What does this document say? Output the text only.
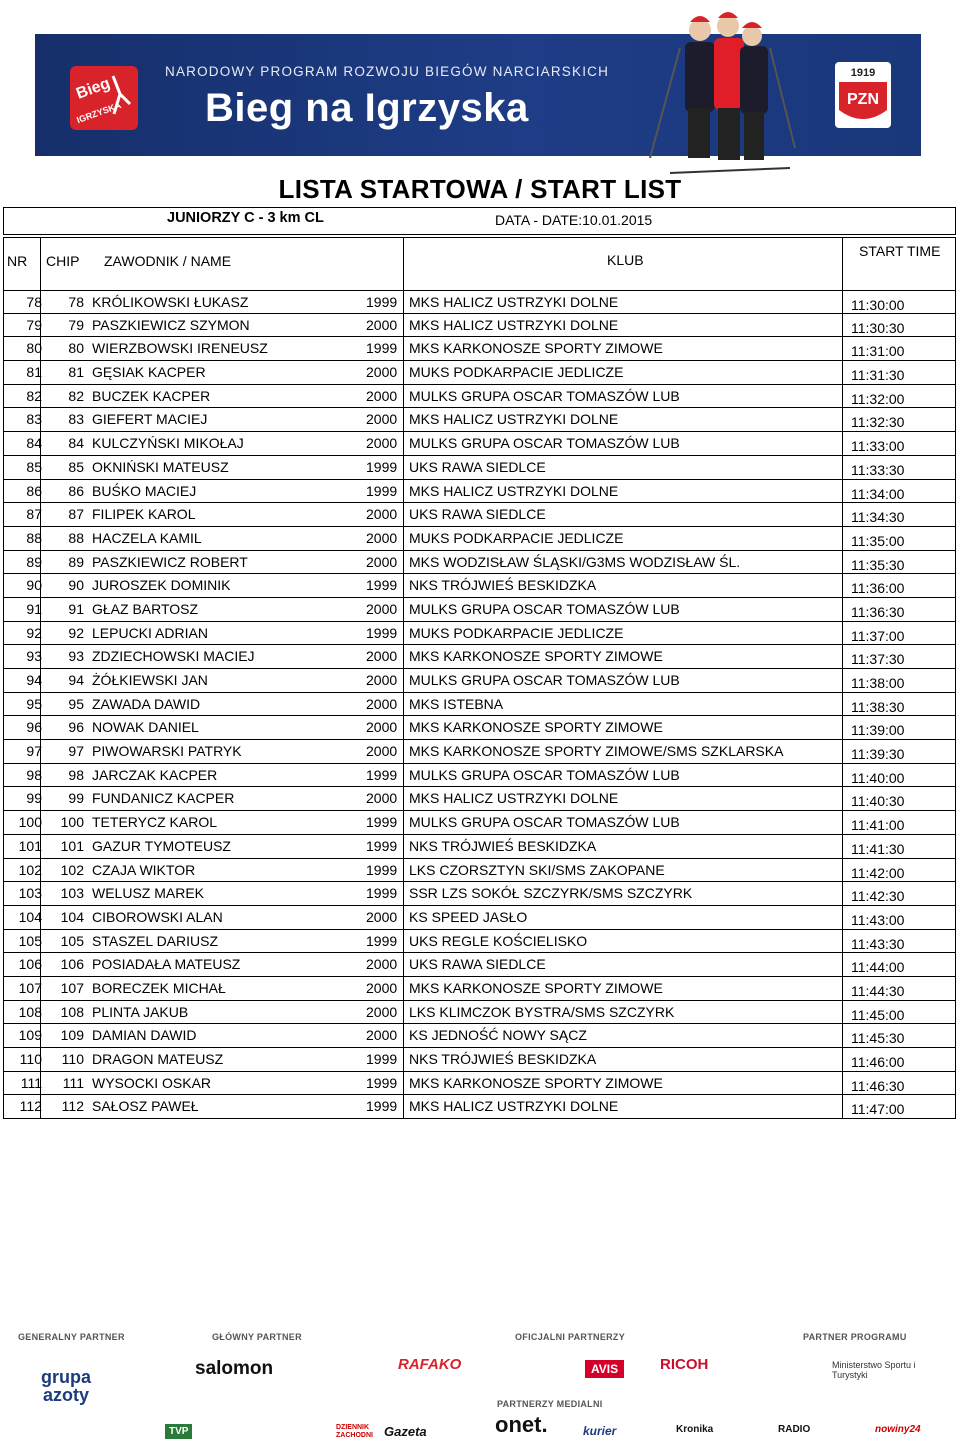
NARODOWY PROGRAM ROZWOJU BIEGÓW NARCIARSKICH
Bieg na Igrzyska
Bieg
IGRZYSKA
1919
PZN
LISTA STARTOWA / START LIST
JUNIORZY C - 3 km CL	DATA - DATE:10.01.2015
NR CHIP ZAWODNIK / NAME	KLUB
START TIME
78 78 KRÓLIKOWSKI ŁUKASZ	1999 MKS HALICZ USTRZYKI DOLNE	11:30:00
79 79 PASZKIEWICZ SZYMON	2000 MKS HALICZ USTRZYKI DOLNE	11:30:30
80 80 WIERZBOWSKI IRENEUSZ	1999 MKS KARKONOSZE SPORTY ZIMOWE	11:31:00
81 81 GĘSIAK KACPER	2000 MUKS PODKARPACIE JEDLICZE	11:31:30
82 82 BUCZEK KACPER	2000 MULKS GRUPA OSCAR TOMASZÓW LUB	11:32:00
83 83 GIEFERT MACIEJ	2000 MKS HALICZ USTRZYKI DOLNE	11:32:30
84 84 KULCZYŃSKI MIKOŁAJ	2000 MULKS GRUPA OSCAR TOMASZÓW LUB	11:33:00
85 85 OKNIŃSKI MATEUSZ	1999 UKS RAWA SIEDLCE	11:33:30
86 86 BUŚKO MACIEJ	1999 MKS HALICZ USTRZYKI DOLNE	11:34:00
87 87 FILIPEK KAROL	2000 UKS RAWA SIEDLCE	11:34:30
88 88 HACZELA KAMIL	2000 MUKS PODKARPACIE JEDLICZE	11:35:00
89 89 PASZKIEWICZ ROBERT	2000 MKS WODZISŁAW ŚLĄSKI/G3MS WODZISŁAW ŚL.	11:35:30
90 90 JUROSZEK DOMINIK	1999 NKS TRÓJWIEŚ BESKIDZKA	11:36:00
91 91 GŁAZ BARTOSZ	2000 MULKS GRUPA OSCAR TOMASZÓW LUB	11:36:30
92 92 LEPUCKI ADRIAN	1999 MUKS PODKARPACIE JEDLICZE	11:37:00
93 93 ZDZIECHOWSKI MACIEJ	2000 MKS KARKONOSZE SPORTY ZIMOWE	11:37:30
94 94 ŻÓŁKIEWSKI JAN	2000 MULKS GRUPA OSCAR TOMASZÓW LUB	11:38:00
95 95 ZAWADA DAWID	2000 MKS ISTEBNA	11:38:30
96 96 NOWAK DANIEL	2000 MKS KARKONOSZE SPORTY ZIMOWE	11:39:00
97 97 PIWOWARSKI PATRYK	2000 MKS KARKONOSZE SPORTY ZIMOWE/SMS SZKLARSKA	11:39:30
98 98 JARCZAK KACPER	1999 MULKS GRUPA OSCAR TOMASZÓW LUB	11:40:00
99 99 FUNDANICZ KACPER	2000 MKS HALICZ USTRZYKI DOLNE	11:40:30
100 100 TETERYCZ KAROL	1999 MULKS GRUPA OSCAR TOMASZÓW LUB	11:41:00
101 101 GAZUR TYMOTEUSZ	1999 NKS TRÓJWIEŚ BESKIDZKA	11:41:30
102 102 CZAJA WIKTOR	1999 LKS CZORSZTYN SKI/SMS ZAKOPANE	11:42:00
103 103 WELUSZ MAREK	1999 SSR LZS SOKÓŁ SZCZYRK/SMS SZCZYRK	11:42:30
104 104 CIBOROWSKI ALAN	2000 KS SPEED JASŁO	11:43:00
105 105 STASZEL DARIUSZ	1999 UKS REGLE KOŚCIELISKO	11:43:30
106 106 POSIADAŁA MATEUSZ	2000 UKS RAWA SIEDLCE	11:44:00
107 107 BORECZEK MICHAŁ	2000 MKS KARKONOSZE SPORTY ZIMOWE	11:44:30
108 108 PLINTA JAKUB	2000 LKS KLIMCZOK BYSTRA/SMS SZCZYRK	11:45:00
109 109 DAMIAN DAWID	2000 KS JEDNOŚĆ NOWY SĄCZ	11:45:30
110 110 DRAGON MATEUSZ	1999 NKS TRÓJWIEŚ BESKIDZKA	11:46:00
111 111 WYSOCKI OSKAR	1999 MKS KARKONOSZE SPORTY ZIMOWE	11:46:30
112 112 SAŁOSZ PAWEŁ	1999 MKS HALICZ USTRZYKI DOLNE	11:47:00
GENERALNY PARTNER	GŁÓWNY PARTNER	OFICJALNI PARTNERZY	PARTNER PROGRAMU
PARTNERZY MEDIALNI
grupa azoty
salomon	RAFAKO	AVIS	RICOH	Ministerstwo Sportu i Turystyki
TVP	DZIENNIK ZACHODNI Gazeta	onet.	kurier	Kronika	RADIO	nowiny24
